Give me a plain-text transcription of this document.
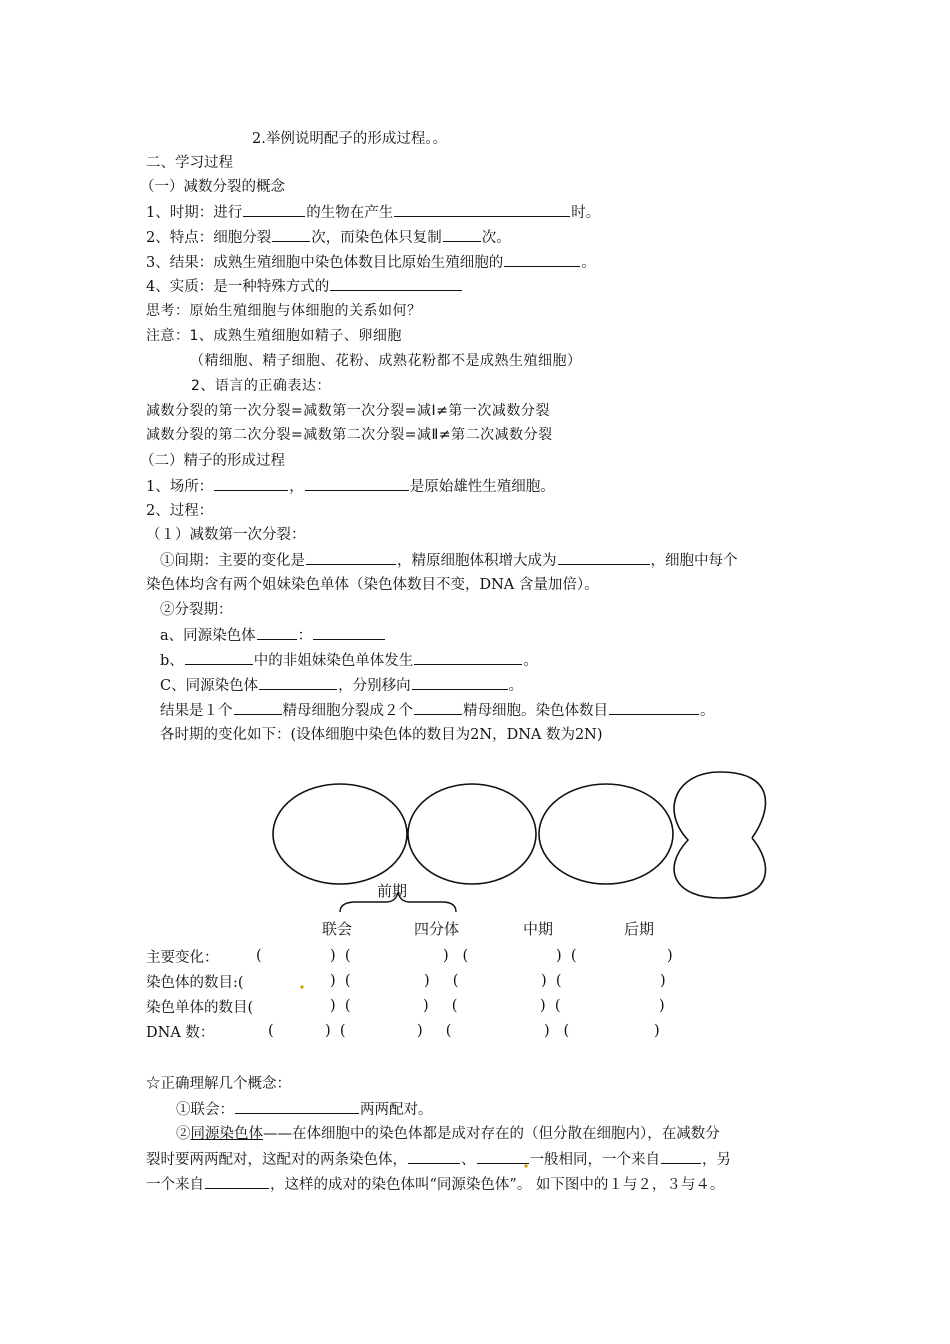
2.举例说明配子的形成过程。。
二、学习过程
（一）减数分裂的概念
1、时期：进行	的生物在产生	时。
2、特点：细胞分裂	次，而染色体只复制	次。
3、结果：成熟生殖细胞中染色体数目比原始生殖细胞的	。
4、实质：是一种特殊方式的
思考：原始生殖细胞与体细胞的关系如何？
注意：1、成熟生殖细胞如精子、卵细胞
（精细胞、精子细胞、花粉、成熟花粉都不是成熟生殖细胞）
2、语言的正确表达：
减数分裂的第一次分裂=减数第一次分裂=减Ⅰ≠第一次减数分裂
减数分裂的第二次分裂=减数第二次分裂=减Ⅱ≠第二次减数分裂
（二）精子的形成过程
1、场所：	，	是原始雄性生殖细胞。
2、过程：
（１）减数第一次分裂：
①间期：主要的变化是	，精原细胞体积增大成为	，细胞中每个
染色体均含有两个姐妹染色单体（染色体数目不变，DNA 含量加倍）。
②分裂期：
a、同源染色体	：
b、	中的非姐妹染色单体发生	。
C、同源染色体	，分别移向	。
结果是１个	精母细胞分裂成２个	精母细胞。染色体数目	。
各时期的变化如下：(设体细胞中染色体的数目为2N，DNA 数为2N)
前期
联会	四分体	中期	后期
主要变化：	(	)  (	)   (	)  (	)
染色体的数目:(	)  (	)     (	)  (	)
染色单体的数目(	)  (	)     (	)  (	)
DNA 数：	(	)  (	)     (	)   (	)
☆正确理解几个概念：
①联会：	两两配对。
②同源染色体——在体细胞中的染色体都是成对存在的（但分散在细胞内），在减数分
裂时要两两配对，这配对的两条染色体，	、	一般相同，一个来自	，另
一个来自	，这样的成对的染色体叫“同源染色体”。 如下图中的１与２，３与４。
